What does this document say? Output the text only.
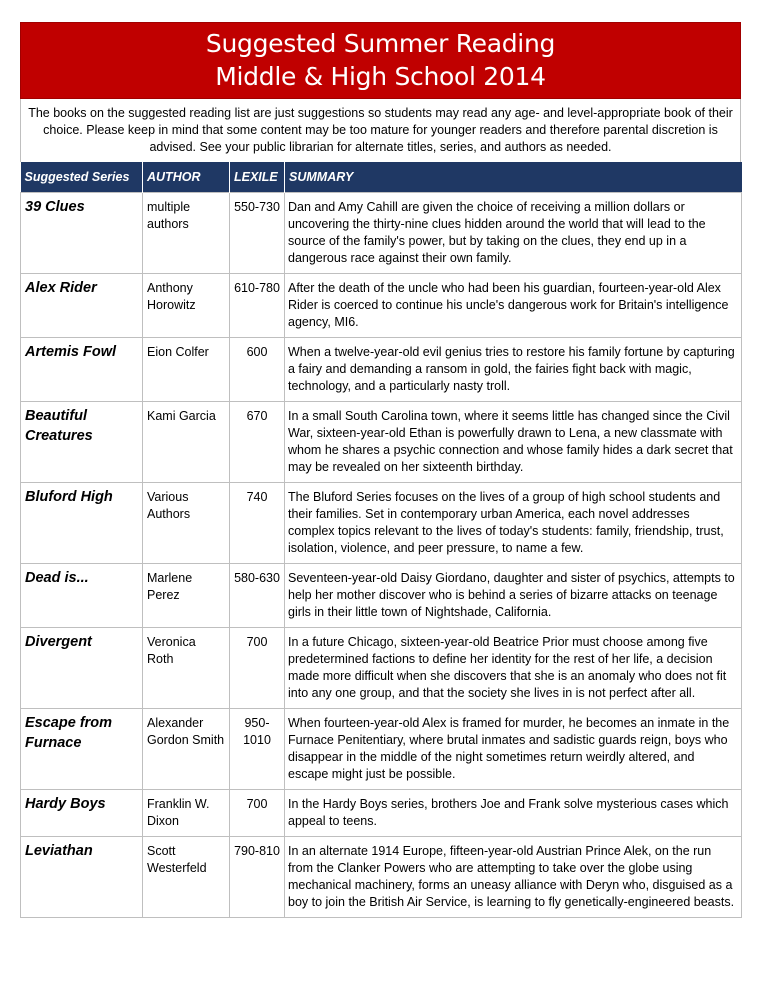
Suggested Summer Reading
Middle & High School 2014
The books on the suggested reading list are just suggestions so students may read any age- and level-appropriate book of their choice. Please keep in mind that some content may be too mature for younger readers and therefore parental discretion is advised. See your public librarian for alternate titles, series, and authors as needed.
Suggested Series	AUTHOR	LEXILE	SUMMARY
39 Clues	multiple authors	550-730	Dan and Amy Cahill are given the choice of receiving a million dollars or uncovering the thirty-nine clues hidden around the world that will lead to the source of the family's power, but by taking on the clues, they end up in a dangerous race against their own family.
Alex Rider	Anthony Horowitz	610-780	After the death of the uncle who had been his guardian, fourteen-year-old Alex Rider is coerced to continue his uncle's dangerous work for Britain's intelligence agency, MI6.
Artemis Fowl	Eion Colfer	600	When a twelve-year-old evil genius tries to restore his family fortune by capturing a fairy and demanding a ransom in gold, the fairies fight back with magic, technology, and a particularly nasty troll.
Beautiful Creatures	Kami Garcia	670	In a small South Carolina town, where it seems little has changed since the Civil War, sixteen-year-old Ethan is powerfully drawn to Lena, a new classmate with whom he shares a psychic connection and whose family hides a dark secret that may be revealed on her sixteenth birthday.
Bluford High	Various Authors	740	The Bluford Series focuses on the lives of a group of high school students and their families. Set in contemporary urban America, each novel addresses complex topics relevant to the lives of today's students: family, friendship, trust, isolation, violence, and peer pressure, to name a few.
Dead is...	Marlene Perez	580-630	Seventeen-year-old Daisy Giordano, daughter and sister of psychics, attempts to help her mother discover who is behind a series of bizarre attacks on teenage girls in their little town of Nightshade, California.
Divergent	Veronica Roth	700	In a future Chicago, sixteen-year-old Beatrice Prior must choose among five predetermined factions to define her identity for the rest of her life, a decision made more difficult when she discovers that she is an anomaly who does not fit into any one group, and that the society she lives in is not perfect after all.
Escape from Furnace	Alexander Gordon Smith	950-1010	When fourteen-year-old Alex is framed for murder, he becomes an inmate in the Furnace Penitentiary, where brutal inmates and sadistic guards reign, boys who disappear in the middle of the night sometimes return weirdly altered, and escape might just be possible.
Hardy Boys	Franklin W. Dixon	700	In the Hardy Boys series, brothers Joe and Frank solve mysterious cases which appeal to teens.
Leviathan	Scott Westerfeld	790-810	In an alternate 1914 Europe, fifteen-year-old Austrian Prince Alek, on the run from the Clanker Powers who are attempting to take over the globe using mechanical machinery, forms an uneasy alliance with Deryn who, disguised as a boy to join the British Air Service, is learning to fly genetically-engineered beasts.
